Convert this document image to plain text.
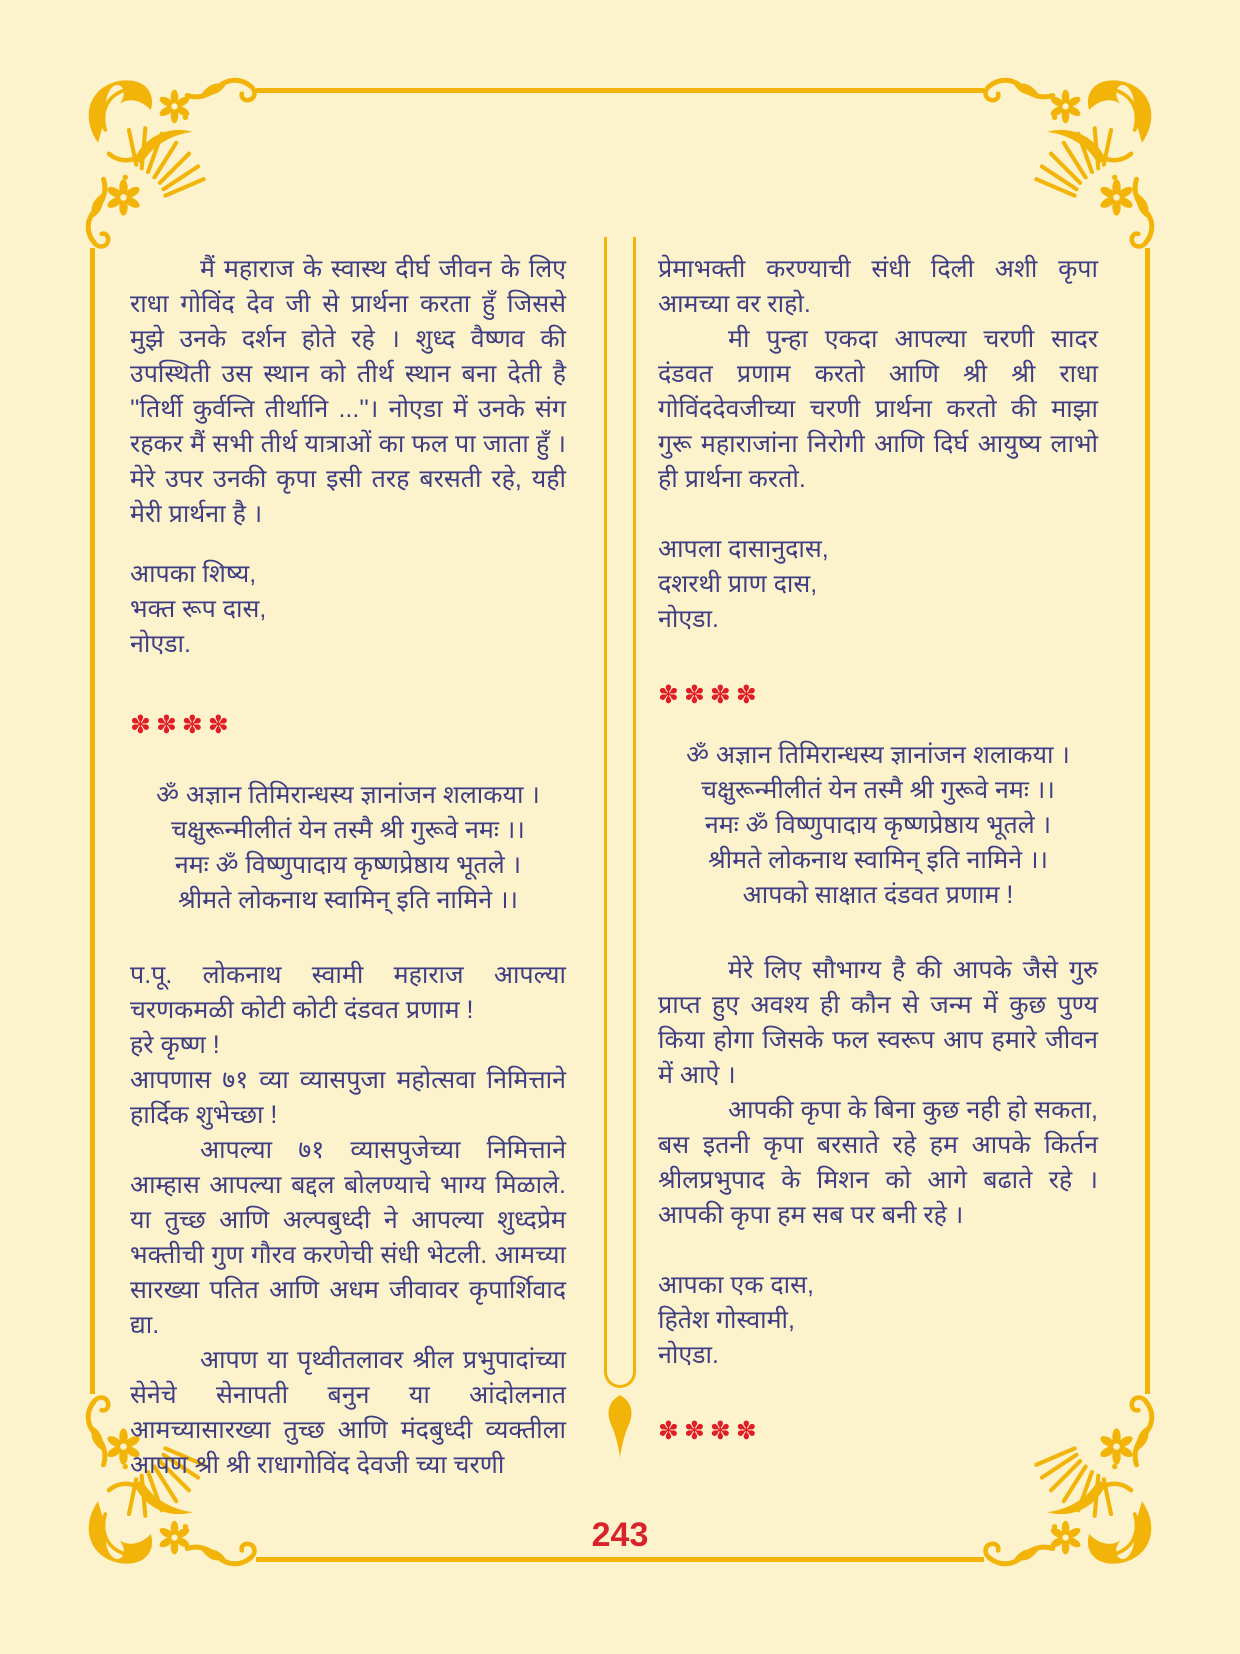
मैं महाराज के स्वास्थ दीर्घ जीवन के लिए राधा गोविंद देव जी से प्रार्थना करता हुँ जिससे मुझे उनके दर्शन होते रहे । शुध्द वैष्णव की उपस्थिती उस स्थान को तीर्थ स्थान बना देती है ''तिर्थी कुर्वन्ति तीर्थानि ...''। नोएडा में उनके संग रहकर मैं सभी तीर्थ यात्राओं का फल पा जाता हुँ । मेरे उपर उनकी कृपा इसी तरह बरसती रहे, यही मेरी प्रार्थना है ।

आपका शिष्य,
भक्त रूप दास,
नोएडा.
✽✽✽✽
ॐ अज्ञान तिमिरान्धस्य ज्ञानांजन शलाकया ।
चक्षुरून्मीलीतं येन तस्मै श्री गुरूवे नमः ।।
नमः ॐ विष्णुपादाय कृष्णप्रेष्ठाय भूतले ।
श्रीमते लोकनाथ स्वामिन् इति नामिने ।।

प.पू. लोकनाथ स्वामी महाराज आपल्या चरणकमळी कोटी कोटी दंडवत प्रणाम !

हरे कृष्ण !

आपणास ७१ व्या व्यासपुजा महोत्सवा निमित्ताने हार्दिक शुभेच्छा !

आपल्या ७१ व्यासपुजेच्या निमित्ताने आम्हास आपल्या बद्दल बोलण्याचे भाग्य मिळाले. या तुच्छ आणि अल्पबुध्दी ने आपल्या शुध्दप्रेम भक्तीची गुण गौरव करणेची संधी भेटली. आमच्या सारख्या पतित आणि अधम जीवावर कृपार्शिवाद द्या.

आपण या पृथ्वीतलावर श्रील प्रभुपादांच्या सेनेचे सेनापती बनुन या आंदोलनात आमच्यासारख्या तुच्छ आणि मंदबुध्दी व्यक्तीला आपण श्री श्री राधागोविंद देवजी च्या चरणी

प्रेमाभक्ती करण्याची संधी दिली अशी कृपा आमच्या वर राहो.

मी पुन्हा एकदा आपल्या चरणी सादर दंडवत प्रणाम करतो आणि श्री श्री राधा गोविंददेवजीच्या चरणी प्रार्थना करतो की माझा गुरू महाराजांना निरोगी आणि दिर्घ आयुष्य लाभो ही प्रार्थना करतो.

आपला दासानुदास,
दशरथी प्राण दास,
नोएडा.
✽✽✽✽
ॐ अज्ञान तिमिरान्धस्य ज्ञानांजन शलाकया ।
चक्षुरून्मीलीतं येन तस्मै श्री गुरूवे नमः ।।
नमः ॐ विष्णुपादाय कृष्णप्रेष्ठाय भूतले ।
श्रीमते लोकनाथ स्वामिन् इति नामिने ।।
आपको साक्षात दंडवत प्रणाम !

मेरे लिए सौभाग्य है की आपके जैसे गुरु प्राप्त हुए अवश्य ही कौन से जन्म में कुछ पुण्य किया होगा जिसके फल स्वरूप आप हमारे जीवन में आऐ ।

आपकी कृपा के बिना कुछ नही हो सकता, बस इतनी कृपा बरसाते रहे हम आपके किर्तन श्रीलप्रभुपाद के मिशन को आगे बढाते रहे । आपकी कृपा हम सब पर बनी रहे ।

आपका एक दास,
हितेश गोस्वामी,
नोएडा.
✽✽✽✽
243
